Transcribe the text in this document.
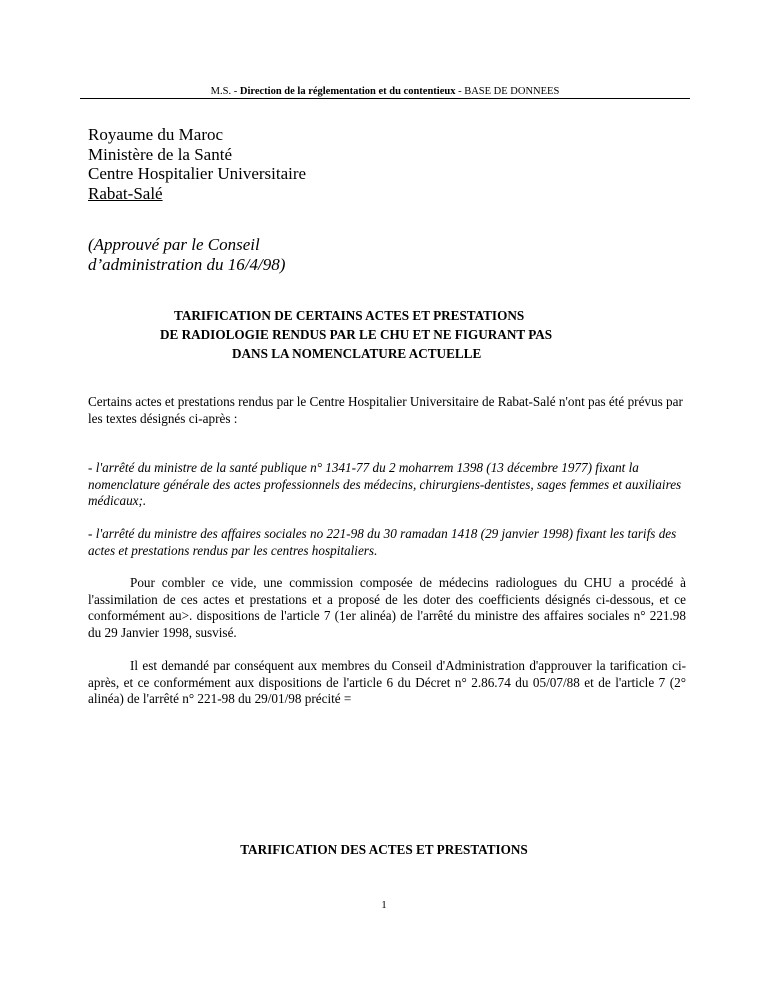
M.S. - Direction de la réglementation et du contentieux - BASE DE DONNEES
Royaume du Maroc
Ministère de la Santé
Centre Hospitalier Universitaire
Rabat-Salé
(Approuvé par le Conseil
d’administration du 16/4/98)
TARIFICATION DE CERTAINS ACTES ET PRESTATIONS
DE RADIOLOGIE RENDUS PAR LE CHU ET NE FIGURANT PAS
DANS LA NOMENCLATURE ACTUELLE
Certains actes et prestations rendus par le Centre Hospitalier Universitaire de Rabat-Salé n'ont pas été prévus par les textes désignés ci-après :
- l'arrêté du ministre de la santé publique n° 1341-77 du 2 moharrem 1398 (13 décembre 1977) fixant la nomenclature générale des actes professionnels des médecins, chirurgiens-dentistes, sages femmes et auxiliaires médicaux;.
- l'arrêté du ministre des affaires sociales no 221-98 du 30 ramadan 1418 (29 janvier 1998) fixant les tarifs des actes et prestations rendus par les centres hospitaliers.
Pour combler ce vide, une commission composée de médecins radiologues du CHU a procédé à l'assimilation de ces actes et prestations et a proposé de les doter des coefficients désignés ci-dessous, et ce conformément au>. dispositions de l'article 7 (1er alinéa) de l'arrêté du ministre des affaires sociales n° 221.98 du 29 Janvier 1998, susvisé.
Il est demandé par conséquent aux membres du Conseil d'Administration d'approuver la tarification ci-après, et ce conformément aux dispositions de l'article 6 du Décret n° 2.86.74 du 05/07/88 et de l'article 7 (2° alinéa) de l'arrêté n° 221-98 du 29/01/98 précité =
TARIFICATION DES ACTES ET PRESTATIONS
1
